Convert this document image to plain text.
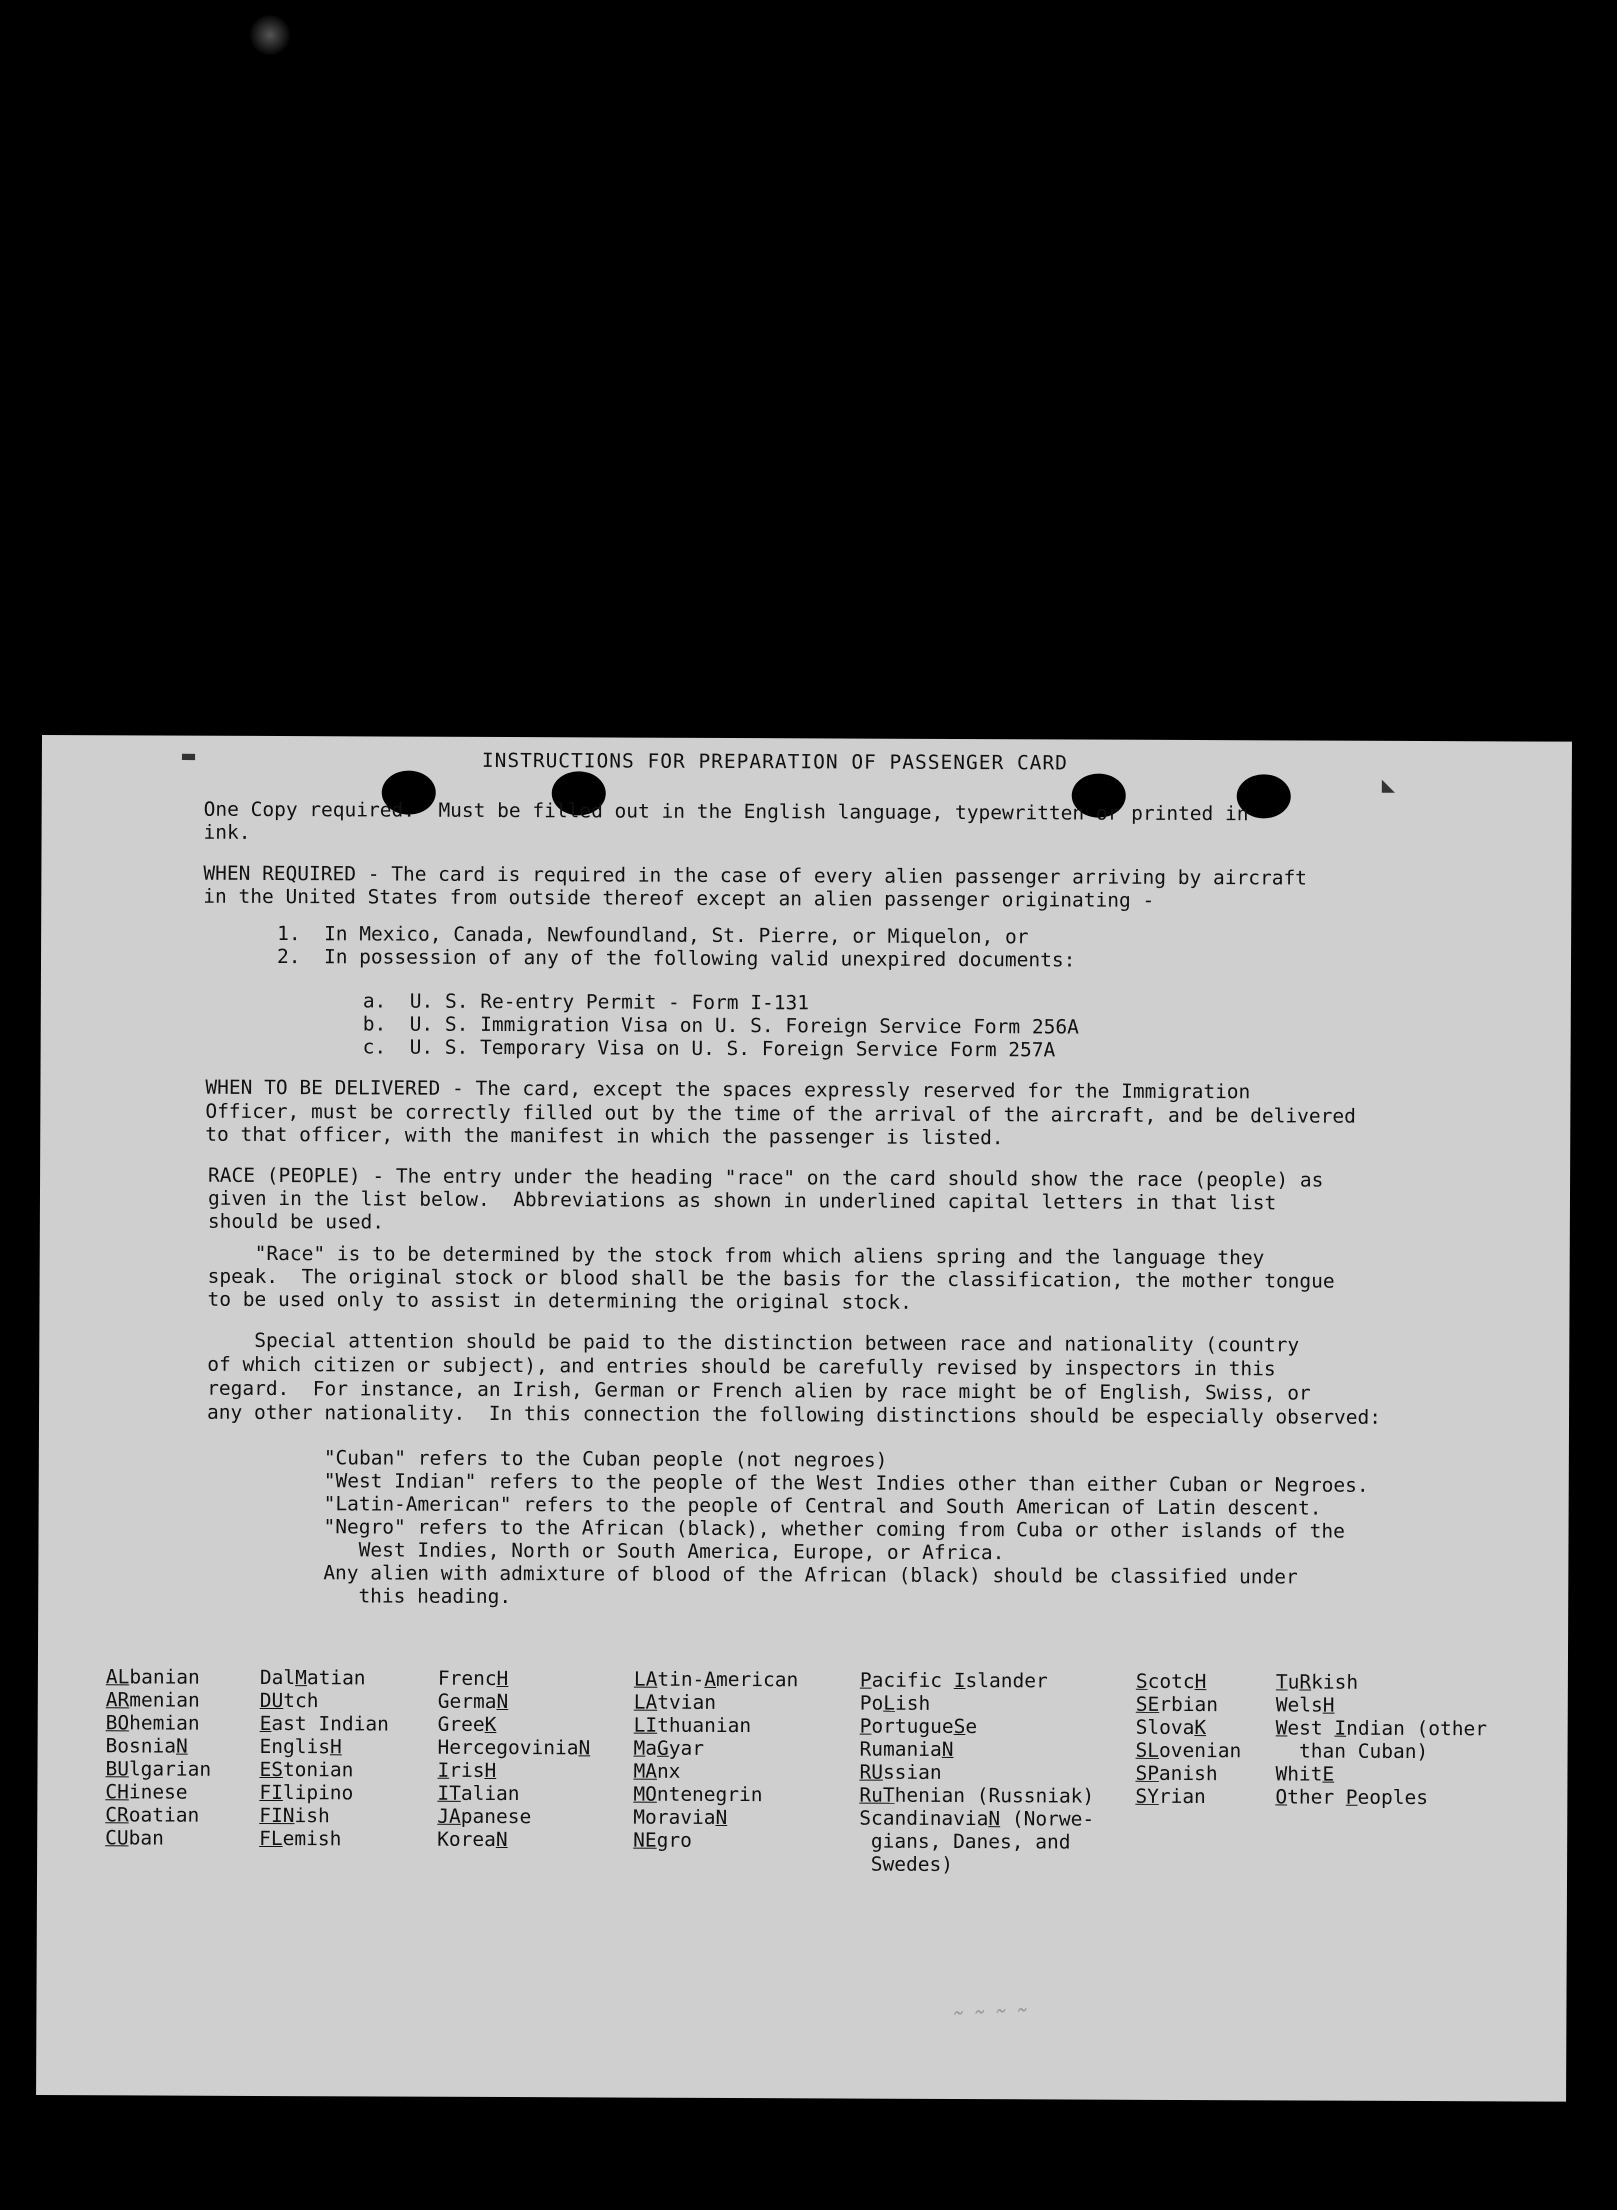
▬
◣
INSTRUCTIONS FOR PREPARATION OF PASSENGER CARD
One Copy required.  Must be filled out in the English language, typewritten or printed in
ink.
WHEN REQUIRED - The card is required in the case of every alien passenger arriving by aircraft
in the United States from outside thereof except an alien passenger originating -
1.  In Mexico, Canada, Newfoundland, St. Pierre, or Miquelon, or
2.  In possession of any of the following valid unexpired documents:
a.  U. S. Re-entry Permit - Form I-131
b.  U. S. Immigration Visa on U. S. Foreign Service Form 256A
c.  U. S. Temporary Visa on U. S. Foreign Service Form 257A
WHEN TO BE DELIVERED - The card, except the spaces expressly reserved for the Immigration
Officer, must be correctly filled out by the time of the arrival of the aircraft, and be delivered
to that officer, with the manifest in which the passenger is listed.
RACE (PEOPLE) - The entry under the heading "race" on the card should show the race (people) as
given in the list below.  Abbreviations as shown in underlined capital letters in that list
should be used.
"Race" is to be determined by the stock from which aliens spring and the language they
speak.  The original stock or blood shall be the basis for the classification, the mother tongue
to be used only to assist in determining the original stock.
Special attention should be paid to the distinction between race and nationality (country
of which citizen or subject), and entries should be carefully revised by inspectors in this
regard.  For instance, an Irish, German or French alien by race might be of English, Swiss, or
any other nationality.  In this connection the following distinctions should be especially observed:
"Cuban" refers to the Cuban people (not negroes)
"West Indian" refers to the people of the West Indies other than either Cuban or Negroes.
"Latin-American" refers to the people of Central and South American of Latin descent.
"Negro" refers to the African (black), whether coming from Cuba or other islands of the
West Indies, North or South America, Europe, or Africa.
Any alien with admixture of blood of the African (black) should be classified under
this heading.
ALbanian
ARmenian
BOhemian
BosniaN
BUlgarian
CHinese
CRoatian
CUban
DalMatian
DUtch
East Indian
EnglisH
EStonian
FIlipino
FINish
FLemish
FrencH
GermaN
GreeK
HercegoviniaN
IrisH
ITalian
JApanese
KoreaN
LAtin-American
LAtvian
LIthuanian
MaGyar
MAnx
MOntenegrin
MoraviaN
NEgro
Pacific Islander
PoLish
PortugueSe
RumaniaN
RUssian
RuThenian (Russniak)
ScandinaviaN (Norwe-
gians, Danes, and
Swedes)
ScotcH
SErbian
SlovaK
SLovenian
SPanish
SYrian
TuRkish
WelsH
West Indian (other
than Cuban)
WhitE
Other Peoples
˷ ˷ ˷ ˷
